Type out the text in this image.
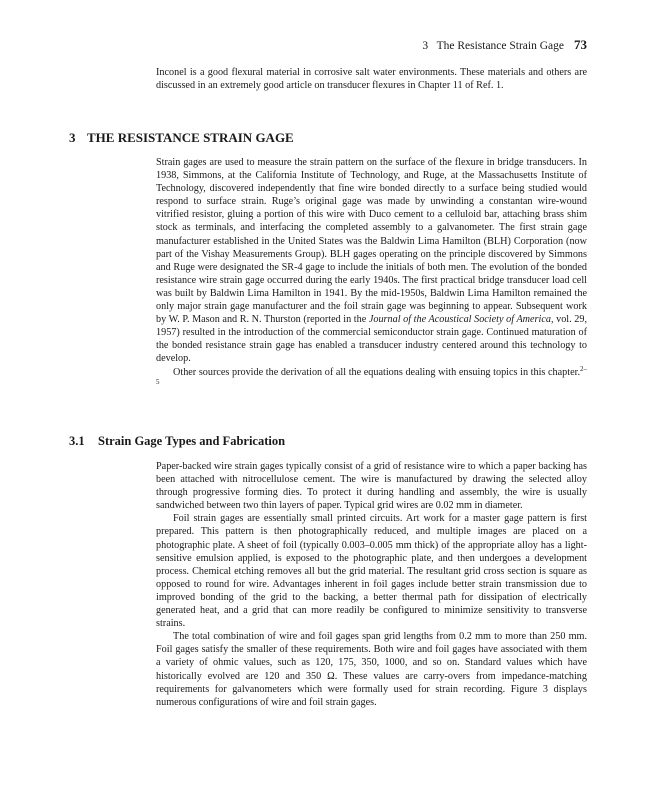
3   The Resistance Strain Gage 73

Inconel is a good flexural material in corrosive salt water environments. These materials and others are discussed in an extremely good article on transducer flexures in Chapter 11 of Ref. 1.

3 THE RESISTANCE STRAIN GAGE

Strain gages are used to measure the strain pattern on the surface of the flexure in bridge transducers. In 1938, Simmons, at the California Institute of Technology, and Ruge, at the Massachusetts Institute of Technology, discovered independently that fine wire bonded directly to a surface being studied would respond to surface strain. Ruge’s original gage was made by unwinding a constantan wire-wound vitrified resistor, gluing a portion of this wire with Duco cement to a celluloid bar, attaching brass shim stock as terminals, and interfacing the completed assembly to a galvanometer. The first strain gage manufacturer established in the United States was the Baldwin Lima Hamilton (BLH) Corporation (now part of the Vishay Measurements Group). BLH gages operating on the principle discovered by Simmons and Ruge were designated the SR-4 gage to include the initials of both men. The evolution of the bonded resistance wire strain gage occurred during the early 1940s. The first practical bridge transducer load cell was built by Baldwin Lima Hamilton in 1941. By the mid-1950s, Baldwin Lima Hamilton remained the only major strain gage manufacturer and the foil strain gage was beginning to appear. Subsequent work by W. P. Mason and R. N. Thurston (reported in the Journal of the Acoustical Society of America, vol. 29, 1957) resulted in the introduction of the commercial semiconductor strain gage. Continued maturation of the bonded resistance strain gage has enabled a transducer industry centered around this technology to develop.

Other sources provide the derivation of all the equations dealing with ensuing topics in this chapter.$^{2-5}$

3.1 Strain Gage Types and Fabrication

Paper-backed wire strain gages typically consist of a grid of resistance wire to which a paper backing has been attached with nitrocellulose cement. The wire is manufactured by drawing the selected alloy through progressive forming dies. To protect it during handling and assembly, the wire is usually sandwiched between two thin layers of paper. Typical grid wires are 0.02 mm in diameter.

Foil strain gages are essentially small printed circuits. Art work for a master gage pattern is first prepared. This pattern is then photographically reduced, and multiple images are placed on a photographic plate. A sheet of foil (typically 0.003–0.005 mm thick) of the appropriate alloy has a light-sensitive emulsion applied, is exposed to the photographic plate, and then undergoes a development process. Chemical etching removes all but the grid material. The resultant grid cross section is square as opposed to round for wire. Advantages inherent in foil gages include better strain transmission due to improved bonding of the grid to the backing, a better thermal path for dissipation of electrically generated heat, and a grid that can more readily be configured to minimize sensitivity to transverse strains.

The total combination of wire and foil gages span grid lengths from 0.2 mm to more than 250 mm. Foil gages satisfy the smaller of these requirements. Both wire and foil gages have associated with them a variety of ohmic values, such as 120, 175, 350, 1000, and so on. Standard values which have historically evolved are 120 and 350 Ω. These values are carry-overs from impedance-matching requirements for galvanometers which were formally used for strain recording. Figure 3 displays numerous configurations of wire and foil strain gages.
